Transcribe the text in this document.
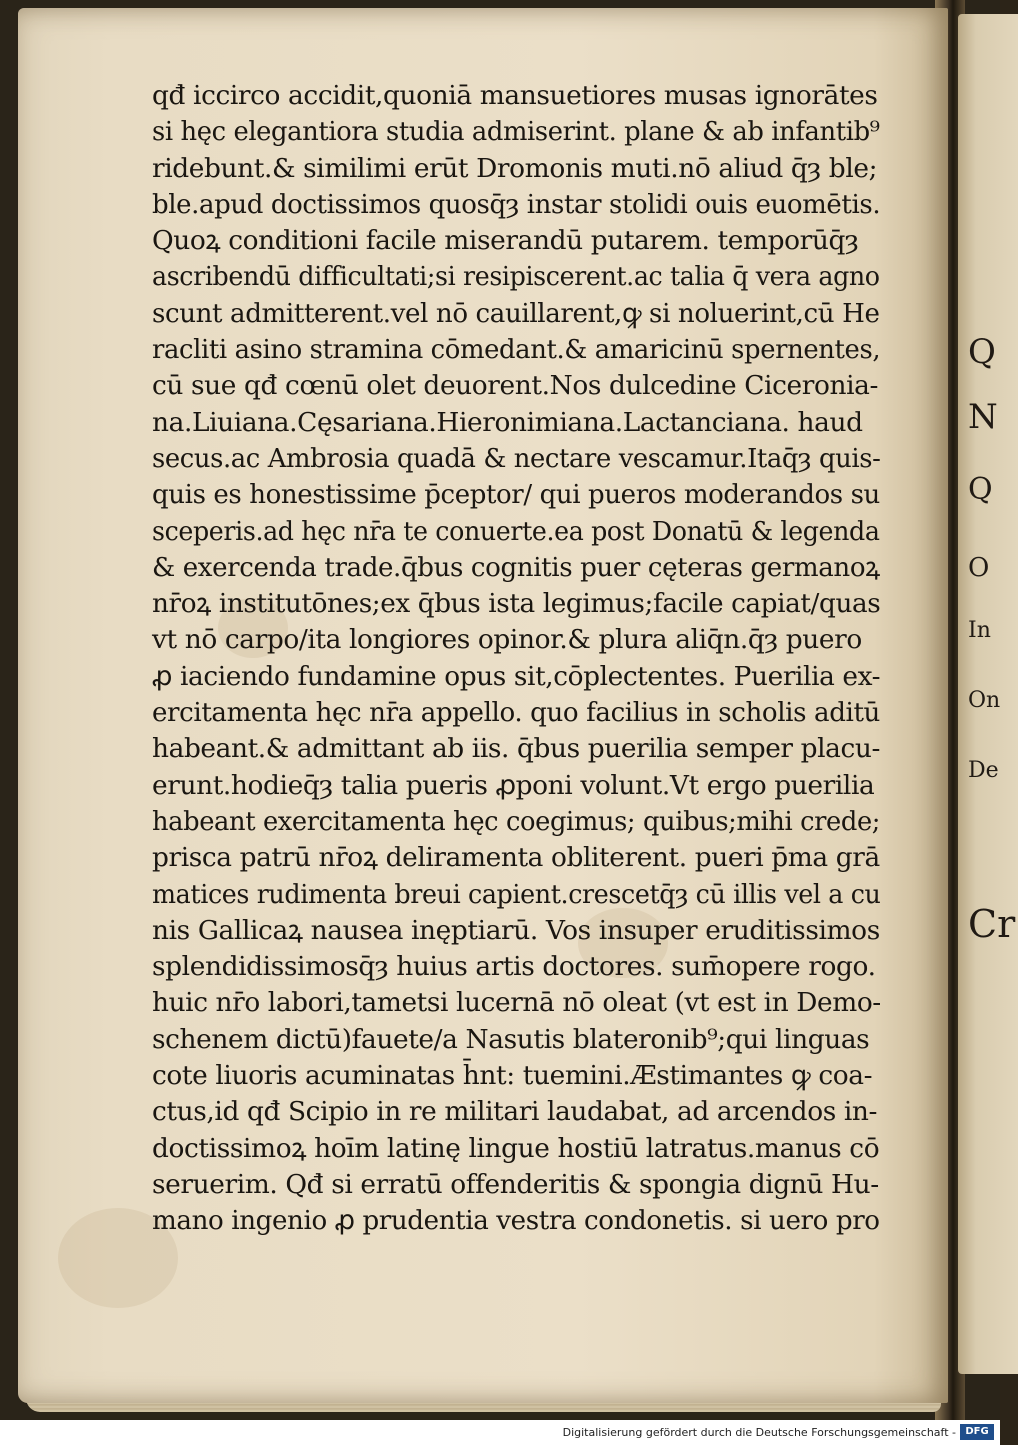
Q
N
Q
O
In
On
De
Cr
qđ iccirco accidit,quoniā mansuetiores musas ignorātes
si hęc elegantiora studia admiserint. plane & ab infantib⁹
ridebunt.& similimi erūt Dromonis muti.nō aliud q̄ȝ ble;
ble.apud doctissimos quosq̄ȝ instar stolidi ouis euomētis.
Quoꝝ conditioni facile miserandū putarem. temporūq̄ȝ
ascribendū difficultati;si resipiscerent.ac talia q̄ vera agno
scunt admitterent.vel nō cauillarent,ꝙ si noluerint,cū He
racliti asino stramina cōmedant.& amaricinū spernentes,
cū sue qđ cœnū olet deuorent.Nos dulcedine Ciceronia-
na.Liuiana.Cęsariana.Hieronimiana.Lactanciana. haud
secus.ac Ambrosia quadā & nectare vescamur.Itaq̄ȝ quis-
quis es honestissime p̄ceptor/ qui pueros moderandos su
sceperis.ad hęc nr̄a te conuerte.ea post Donatū & legenda
& exercenda trade.q̄bus cognitis puer cęteras germanoꝝ
nr̄oꝝ institutōnes;ex q̄bus ista legimus;facile capiat/quas
vt nō carpo/ita longiores opinor.& plura aliq̄n.q̄ȝ puero
ꝓ iaciendo fundamine opus sit,cōplectentes. Puerilia ex-
ercitamenta hęc nr̄a appello. quo facilius in scholis aditū
habeant.& admittant ab iis. q̄bus puerilia semper placu-
erunt.hodieq̄ȝ talia pueris ꝓponi volunt.Vt ergo puerilia
habeant exercitamenta hęc coegimus; quibus;mihi crede;
prisca patrū nr̄oꝝ deliramenta obliterent. pueri p̄ma grā
matices rudimenta breui capient.crescetq̄ȝ cū illis vel a cu
nis Gallicaꝝ nausea inęptiarū. Vos insuper eruditissimos
splendidissimosq̄ȝ huius artis doctores. sum̄opere rogo.
huic nr̄o labori,tametsi lucernā nō oleat (vt est in Demo-
schenem dictū)fauete/a Nasutis blateronib⁹;qui linguas
cote liuoris acuminatas h̄nt: tuemini.Æstimantes ꝙ coa-
ctus,id qđ Scipio in re militari laudabat, ad arcendos in-
doctissimoꝝ hoīm latinę lingue hostiū latratus.manus cō
seruerim. Qđ si erratū offenderitis & spongia dignū Hu-
mano ingenio ꝓ prudentia vestra condonetis. si uero pro
Digitalisierung gefördert durch die Deutsche Forschungsgemeinschaft - DFG
